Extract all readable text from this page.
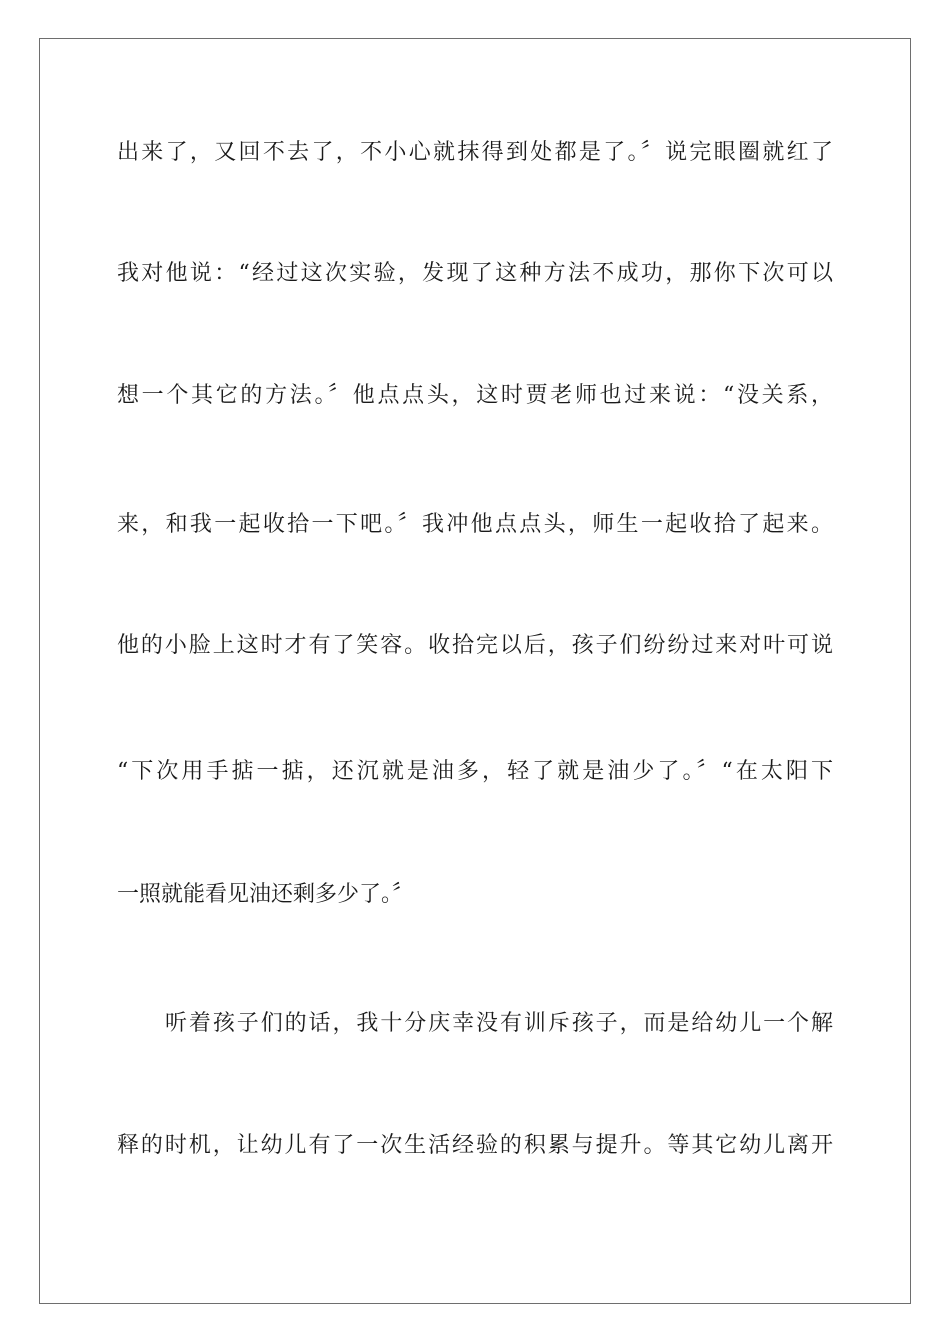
出来了，又回不去了，不小心就抹得到处都是了。〞说完眼圈就红了
我对他说：“经过这次实验，发现了这种方法不成功，那你下次可以
想一个其它的方法。〞他点点头，这时贾老师也过来说：“没关系，
来，和我一起收拾一下吧。〞我冲他点点头，师生一起收拾了起来。
他的小脸上这时才有了笑容。收拾完以后，孩子们纷纷过来对叶可说
“下次用手掂一掂，还沉就是油多，轻了就是油少了。〞“在太阳下
一照就能看见油还剩多少了。〞
听着孩子们的话，我十分庆幸没有训斥孩子，而是给幼儿一个解
释的时机，让幼儿有了一次生活经验的积累与提升。等其它幼儿离开
